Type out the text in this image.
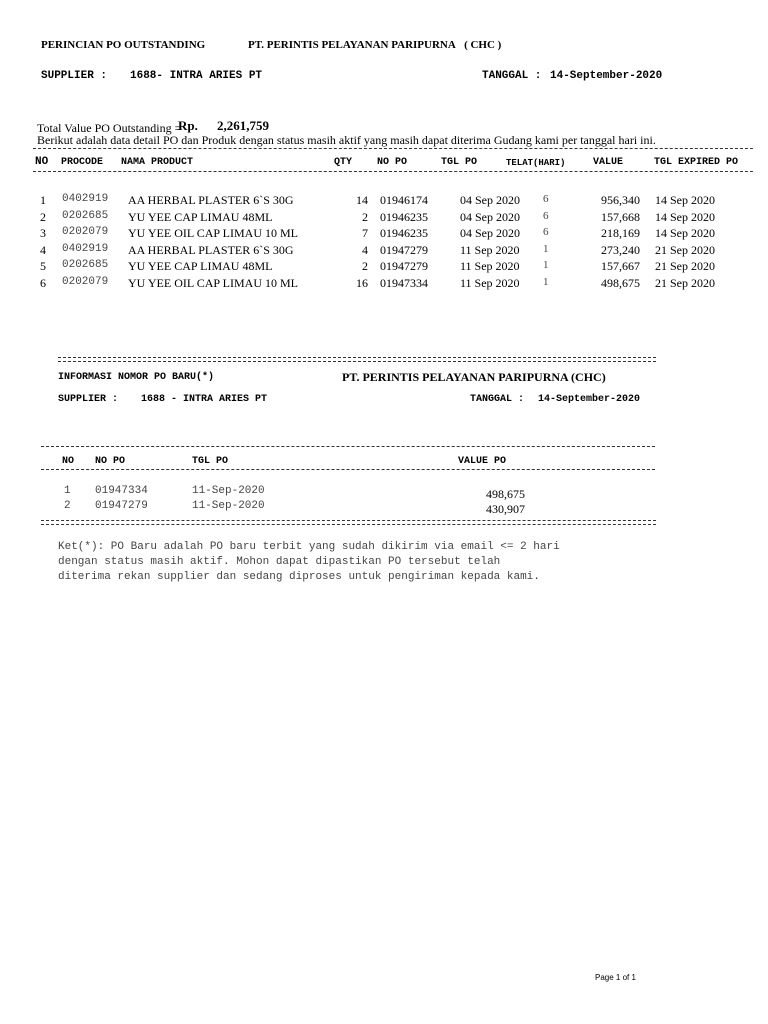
PERINCIAN PO OUTSTANDING	PT. PERINTIS PELAYANAN PARIPURNA ( CHC )
SUPPLIER : 1688- INTRA ARIES PT	TANGGAL : 14-September-2020
Total Value PO Outstanding =
Rp. 2,261,759
Berikut adalah data detail PO dan Produk dengan status masih aktif yang masih dapat diterima Gudang kami per tanggal hari ini.
NO PROCODE NAMA PRODUCT	QTY NO PO	TGL PO	TELAT(HARI)	VALUE	TGL EXPIRED PO
1 0402919 AA HERBAL PLASTER 6`S 30G	14 01946174	04 Sep 2020 6	956,340 14 Sep 2020
2 0202685 YU YEE CAP LIMAU 48ML	2 01946235	04 Sep 2020 6	157,668 14 Sep 2020
3 0202079 YU YEE OIL CAP LIMAU 10 ML	7 01946235	04 Sep 2020 6	218,169 14 Sep 2020
4 0402919 AA HERBAL PLASTER 6`S 30G	4 01947279	11 Sep 2020 1	273,240 21 Sep 2020
5 0202685 YU YEE CAP LIMAU 48ML	2 01947279	11 Sep 2020 1	157,667 21 Sep 2020
6 0202079 YU YEE OIL CAP LIMAU 10 ML	16 01947334	11 Sep 2020 1	498,675 21 Sep 2020
INFORMASI NOMOR PO BARU(*)	PT. PERINTIS PELAYANAN PARIPURNA (CHC)
SUPPLIER : 1688 - INTRA ARIES PT	TANGGAL : 14-September-2020
NO NO PO	TGL PO	VALUE PO
1 01947334	11-Sep-2020	498,675
2 01947279	11-Sep-2020	430,907
Ket(*): PO Baru adalah PO baru terbit yang sudah dikirim via email <= 2 hari
dengan status masih aktif. Mohon dapat dipastikan PO tersebut telah
diterima rekan supplier dan sedang diproses untuk pengiriman kepada kami.
Page 1 of 1
